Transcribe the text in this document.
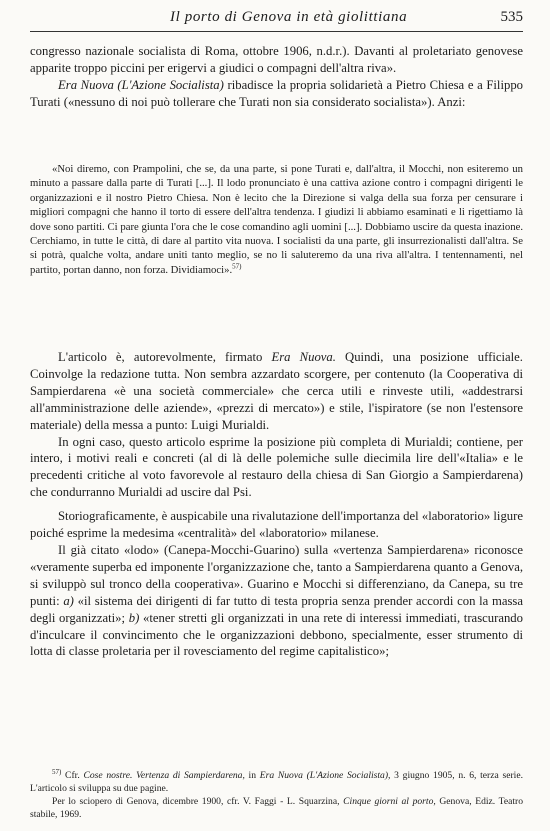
Il porto di Genova in età giolittiana	535

congresso nazionale socialista di Roma, ottobre 1906, n.d.r.). Davanti al proletariato genovese apparite troppo piccini per erigervi a giudici o compagni dell'altra riva».

Era Nuova (L'Azione Socialista) ribadisce la propria solidarietà a Pietro Chiesa e a Filippo Turati («nessuno di noi può tollerare che Turati non sia considerato socialista»). Anzi:

«Noi diremo, con Prampolini, che se, da una parte, si pone Turati e, dall'altra, il Mocchi, non esiteremo un minuto a passare dalla parte di Turati [...]. Il lodo pronunciato è una cattiva azione contro i compagni dirigenti le organizzazioni e il nostro Pietro Chiesa. Non è lecito che la Direzione si valga della sua forza per censurare i migliori compagni che hanno il torto di essere dell'altra tendenza. I giudizi li abbiamo esaminati e li rigettiamo là dove sono partiti. Ci pare giunta l'ora che le cose comandino agli uomini [...]. Dobbiamo uscire da questa inazione. Cerchiamo, in tutte le città, di dare al partito vita nuova. I socialisti da una parte, gli insurrezionalisti dall'altra. Se si potrà, qualche volta, andare uniti tanto meglio, se no li saluteremo da una riva all'altra. I tentennamenti, nel partito, portan danno, non forza. Dividiamoci».$^{57)}$

L'articolo è, autorevolmente, firmato Era Nuova. Quindi, una posizione ufficiale. Coinvolge la redazione tutta. Non sembra azzardato scorgere, per contenuto (la Cooperativa di Sampierdarena «è una società commerciale» che cerca utili e rinveste utili, «addestrarsi all'amministrazione delle aziende», «prezzi di mercato») e stile, l'ispiratore (se non l'estensore materiale) della messa a punto: Luigi Murialdi.

In ogni caso, questo articolo esprime la posizione più completa di Murialdi; contiene, per intero, i motivi reali e concreti (al di là delle polemiche sulle diecimila lire dell'«Italia» e le precedenti critiche al voto favorevole al restauro della chiesa di San Giorgio a Sampierdarena) che condurranno Murialdi ad uscire dal Psi.

Storiograficamente, è auspicabile una rivalutazione dell'importanza del «laboratorio» ligure poiché esprime la medesima «centralità» del «laboratorio» milanese.

Il già citato «lodo» (Canepa-Mocchi-Guarino) sulla «vertenza Sampierdarena» riconosce «veramente superba ed imponente l'organizzazione che, tanto a Sampierdarena quanto a Genova, si sviluppò sul tronco della cooperativa». Guarino e Mocchi si differenziano, da Canepa, su tre punti: a) «il sistema dei dirigenti di far tutto di testa propria senza prender accordi con la massa degli organizzati»; b) «tener stretti gli organizzati in una rete di interessi immediati, trascurando d'inculcare il convincimento che le organizzazioni debbono, specialmente, esser strumento di lotta di classe proletaria per il rovesciamento del regime capitalistico»;

$^{57)}$ Cfr. Cose nostre. Vertenza di Sampierdarena, in Era Nuova (L'Azione Socialista), 3 giugno 1905, n. 6, terza serie. L'articolo si sviluppa su due pagine.

Per lo sciopero di Genova, dicembre 1900, cfr. V. Faggi - L. Squarzina, Cinque giorni al porto, Genova, Ediz. Teatro stabile, 1969.
